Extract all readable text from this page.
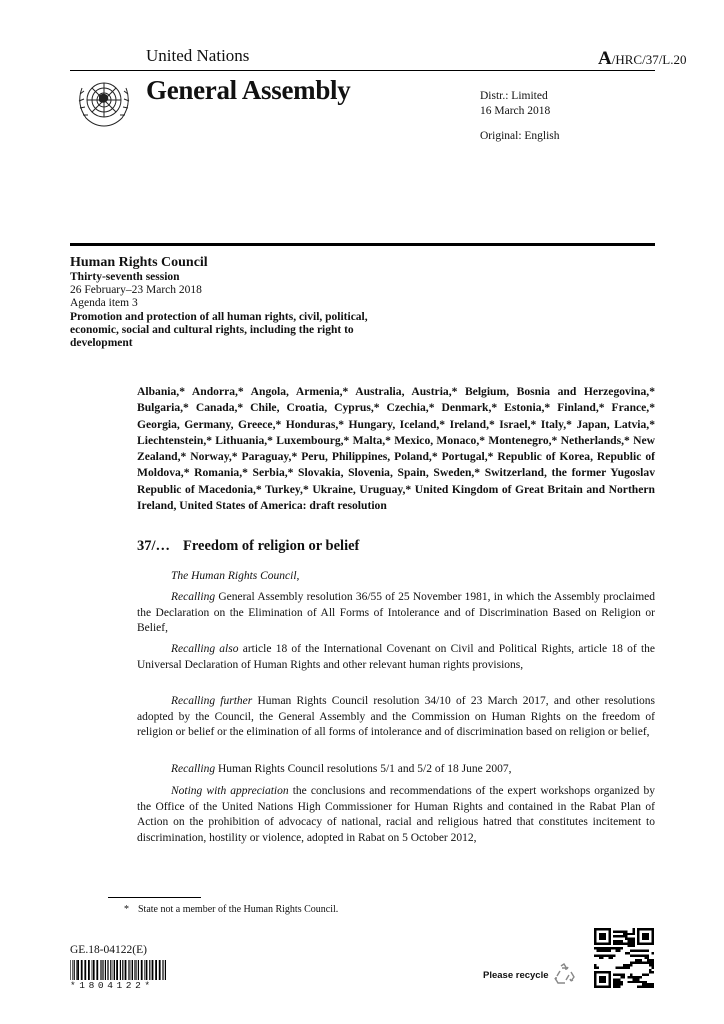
United Nations	A/HRC/37/L.20
General Assembly	Distr.: Limited
16 March 2018
Original: English
Human Rights Council
Thirty-seventh session
26 February–23 March 2018
Agenda item 3
Promotion and protection of all human rights, civil, political, economic, social and cultural rights, including the right to development
Albania,* Andorra,* Angola, Armenia,* Australia, Austria,* Belgium, Bosnia and Herzegovina,* Bulgaria,* Canada,* Chile, Croatia, Cyprus,* Czechia,* Denmark,* Estonia,* Finland,* France,* Georgia, Germany, Greece,* Honduras,* Hungary, Iceland,* Ireland,* Israel,* Italy,* Japan, Latvia,* Liechtenstein,* Lithuania,* Luxembourg,* Malta,* Mexico, Monaco,* Montenegro,* Netherlands,* New Zealand,* Norway,* Paraguay,* Peru, Philippines, Poland,* Portugal,* Republic of Korea, Republic of Moldova,* Romania,* Serbia,* Slovakia, Slovenia, Spain, Sweden,* Switzerland, the former Yugoslav Republic of Macedonia,* Turkey,* Ukraine, Uruguay,* United Kingdom of Great Britain and Northern Ireland, United States of America: draft resolution
37/… Freedom of religion or belief
The Human Rights Council,
Recalling General Assembly resolution 36/55 of 25 November 1981, in which the Assembly proclaimed the Declaration on the Elimination of All Forms of Intolerance and of Discrimination Based on Religion or Belief,
Recalling also article 18 of the International Covenant on Civil and Political Rights, article 18 of the Universal Declaration of Human Rights and other relevant human rights provisions,
Recalling further Human Rights Council resolution 34/10 of 23 March 2017, and other resolutions adopted by the Council, the General Assembly and the Commission on Human Rights on the freedom of religion or belief or the elimination of all forms of intolerance and of discrimination based on religion or belief,
Recalling Human Rights Council resolutions 5/1 and 5/2 of 18 June 2007,
Noting with appreciation the conclusions and recommendations of the expert workshops organized by the Office of the United Nations High Commissioner for Human Rights and contained in the Rabat Plan of Action on the prohibition of advocacy of national, racial and religious hatred that constitutes incitement to discrimination, hostility or violence, adopted in Rabat on 5 October 2012,
* State not a member of the Human Rights Council.
GE.18-04122(E)
*1804122*
Please recycle
